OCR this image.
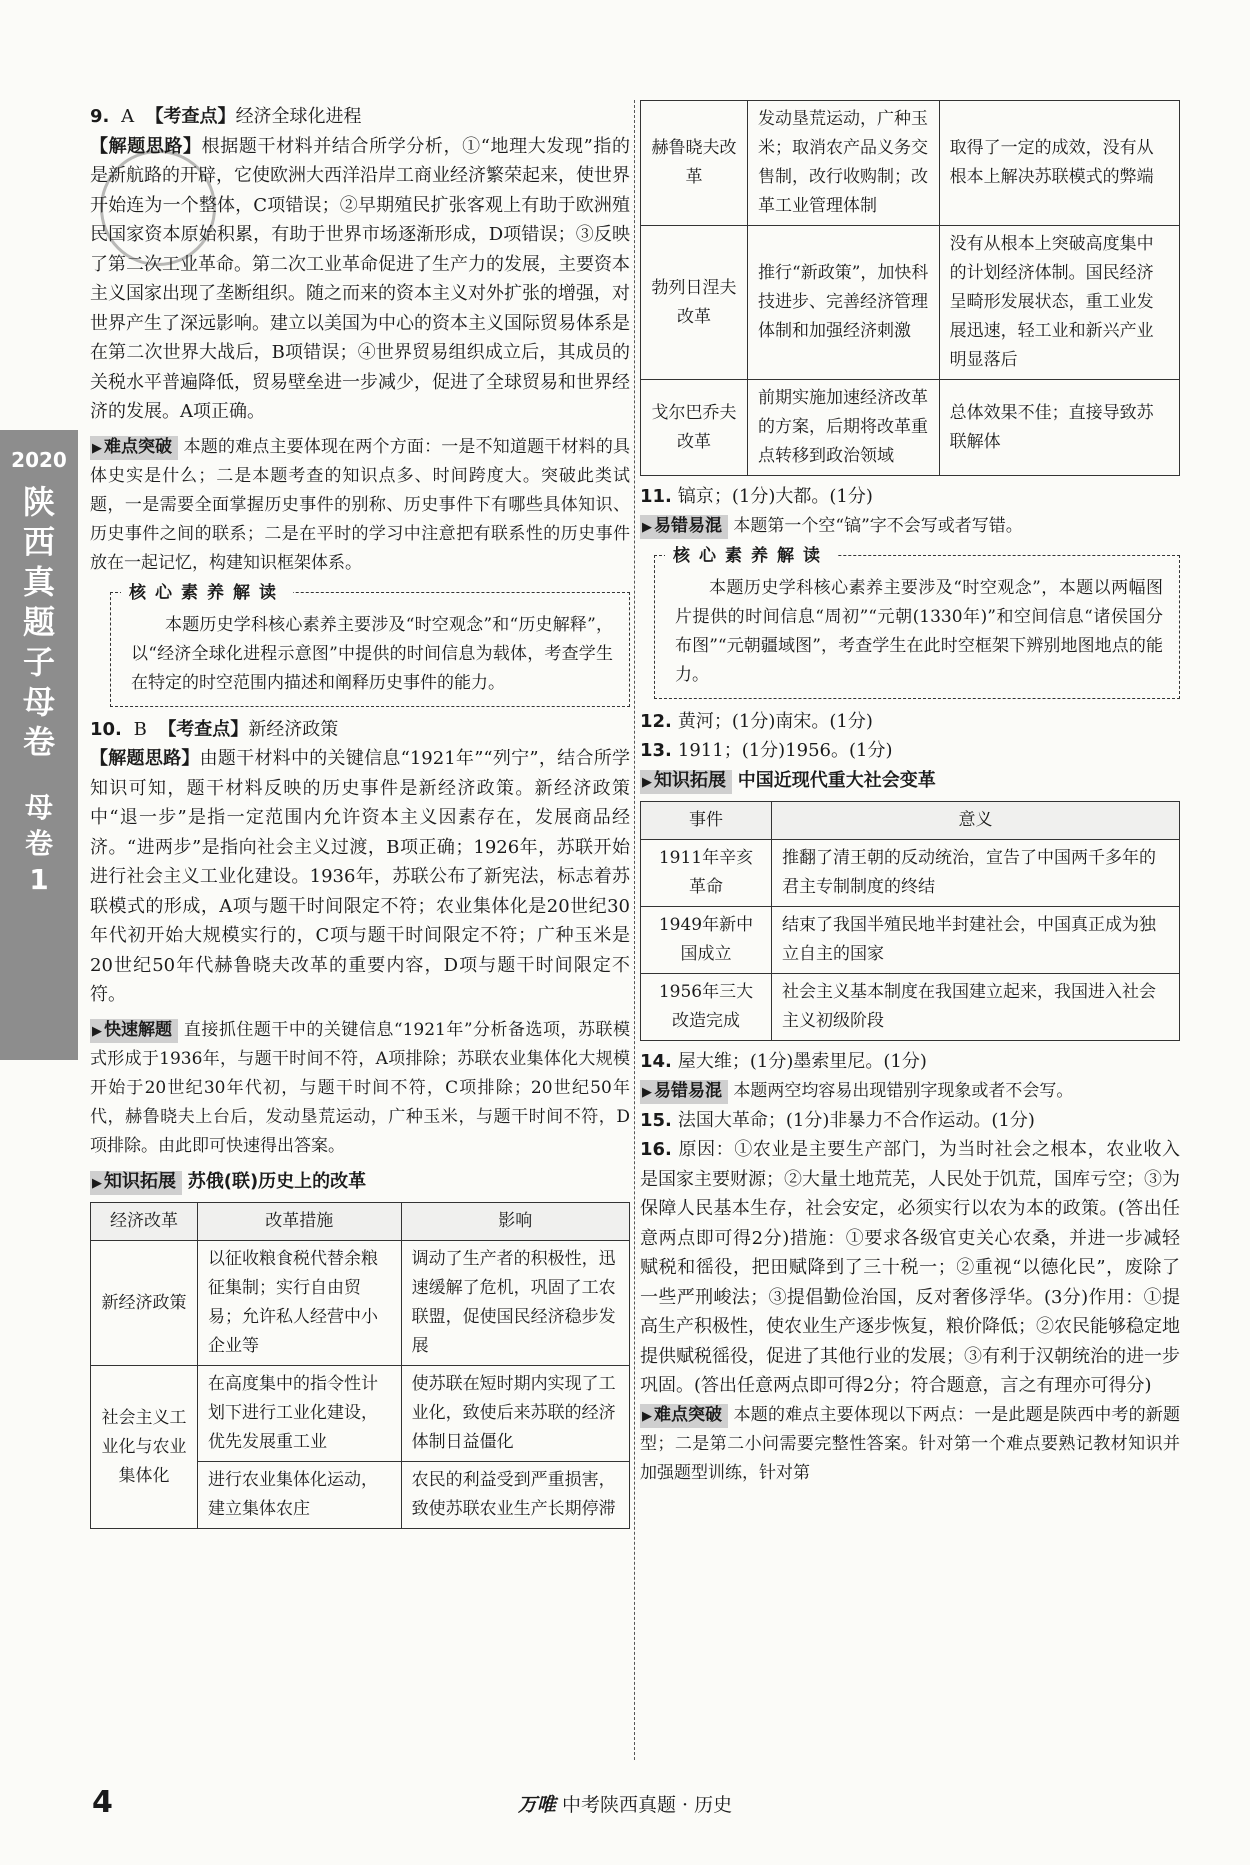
2020
陕
西
真
题
子
母
卷
母
卷
1

9. A 【考查点】经济全球化进程

【解题思路】根据题干材料并结合所学分析，①“地理大发现”指的是新航路的开辟，它使欧洲大西洋沿岸工商业经济繁荣起来，使世界开始连为一个整体，C项错误；②早期殖民扩张客观上有助于欧洲殖民国家资本原始积累，有助于世界市场逐渐形成，D项错误；③反映了第二次工业革命。第二次工业革命促进了生产力的发展，主要资本主义国家出现了垄断组织。随之而来的资本主义对外扩张的增强，对世界产生了深远影响。建立以美国为中心的资本主义国际贸易体系是在第二次世界大战后，B项错误；④世界贸易组织成立后，其成员的关税水平普遍降低，贸易壁垒进一步减少，促进了全球贸易和世界经济的发展。A项正确。

▶ 难点突破 本题的难点主要体现在两个方面：一是不知道题干材料的具体史实是什么；二是本题考查的知识点多、时间跨度大。突破此类试题，一是需要全面掌握历史事件的别称、历史事件下有哪些具体知识、历史事件之间的联系；二是在平时的学习中注意把有联系性的历史事件放在一起记忆，构建知识框架体系。

核心素养解读

本题历史学科核心素养主要涉及“时空观念”和“历史解释”，以“经济全球化进程示意图”中提供的时间信息为载体，考查学生在特定的时空范围内描述和阐释历史事件的能力。

10. B 【考查点】新经济政策

【解题思路】由题干材料中的关键信息“1921年”“列宁”，结合所学知识可知，题干材料反映的历史事件是新经济政策。新经济政策中“退一步”是指一定范围内允许资本主义因素存在，发展商品经济。“进两步”是指向社会主义过渡，B项正确；1926年，苏联开始进行社会主义工业化建设。1936年，苏联公布了新宪法，标志着苏联模式的形成，A项与题干时间限定不符；农业集体化是20世纪30年代初开始大规模实行的，C项与题干时间限定不符；广种玉米是20世纪50年代赫鲁晓夫改革的重要内容，D项与题干时间限定不符。

▶ 快速解题 直接抓住题干中的关键信息“1921年”分析备选项，苏联模式形成于1936年，与题干时间不符，A项排除；苏联农业集体化大规模开始于20世纪30年代初，与题干时间不符，C项排除；20世纪50年代，赫鲁晓夫上台后，发动垦荒运动，广种玉米，与题干时间不符，D项排除。由此即可快速得出答案。

▶ 知识拓展 苏俄(联)历史上的改革

经济改革	改革措施	影响
新经济政策	以征收粮食税代替余粮征集制；实行自由贸易；允许私人经营中小企业等	调动了生产者的积极性，迅速缓解了危机，巩固了工农联盟，促使国民经济稳步发展
社会主义工业化与农业集体化	在高度集中的指令性计划下进行工业化建设，优先发展重工业	使苏联在短时期内实现了工业化，致使后来苏联的经济体制日益僵化
	进行农业集体化运动，建立集体农庄	农民的利益受到严重损害，致使苏联农业生产长期停滞
赫鲁晓夫改革	发动垦荒运动，广种玉米；取消农产品义务交售制，改行收购制；改革工业管理体制	取得了一定的成效，没有从根本上解决苏联模式的弊端
勃列日涅夫改革	推行“新政策”，加快科技进步、完善经济管理体制和加强经济刺激	没有从根本上突破高度集中的计划经济体制。国民经济呈畸形发展状态，重工业发展迅速，轻工业和新兴产业明显落后
戈尔巴乔夫改革	前期实施加速经济改革的方案，后期将改革重点转移到政治领域	总体效果不佳；直接导致苏联解体

11. 镐京；(1分)大都。(1分)

▶ 易错易混 本题第一个空“镐”字不会写或者写错。

核心素养解读

本题历史学科核心素养主要涉及“时空观念”，本题以两幅图片提供的时间信息“周初”“元朝(1330年)”和空间信息“诸侯国分布图”“元朝疆域图”，考查学生在此时空框架下辨别地图地点的能力。

12. 黄河；(1分)南宋。(1分)

13. 1911；(1分)1956。(1分)

▶ 知识拓展 中国近现代重大社会变革

事件	意义
1911年辛亥革命	推翻了清王朝的反动统治，宣告了中国两千多年的君主专制制度的终结
1949年新中国成立	结束了我国半殖民地半封建社会，中国真正成为独立自主的国家
1956年三大改造完成	社会主义基本制度在我国建立起来，我国进入社会主义初级阶段

14. 屋大维；(1分)墨索里尼。(1分)

▶ 易错易混 本题两空均容易出现错别字现象或者不会写。

15. 法国大革命；(1分)非暴力不合作运动。(1分)

16. 原因：①农业是主要生产部门，为当时社会之根本，农业收入是国家主要财源；②大量土地荒芜，人民处于饥荒，国库亏空；③为保障人民基本生存，社会安定，必须实行以农为本的政策。(答出任意两点即可得2分)措施：①要求各级官吏关心农桑，并进一步减轻赋税和徭役，把田赋降到了三十税一；②重视“以德化民”，废除了一些严刑峻法；③提倡勤俭治国，反对奢侈浮华。(3分)作用：①提高生产积极性，使农业生产逐步恢复，粮价降低；②农民能够稳定地提供赋税徭役，促进了其他行业的发展；③有利于汉朝统治的进一步巩固。(答出任意两点即可得2分；符合题意，言之有理亦可得分)

▶ 难点突破 本题的难点主要体现以下两点：一是此题是陕西中考的新题型；二是第二小问需要完整性答案。针对第一个难点要熟记教材知识并加强题型训练，针对第

4	万唯 中考陕西真题 · 历史
